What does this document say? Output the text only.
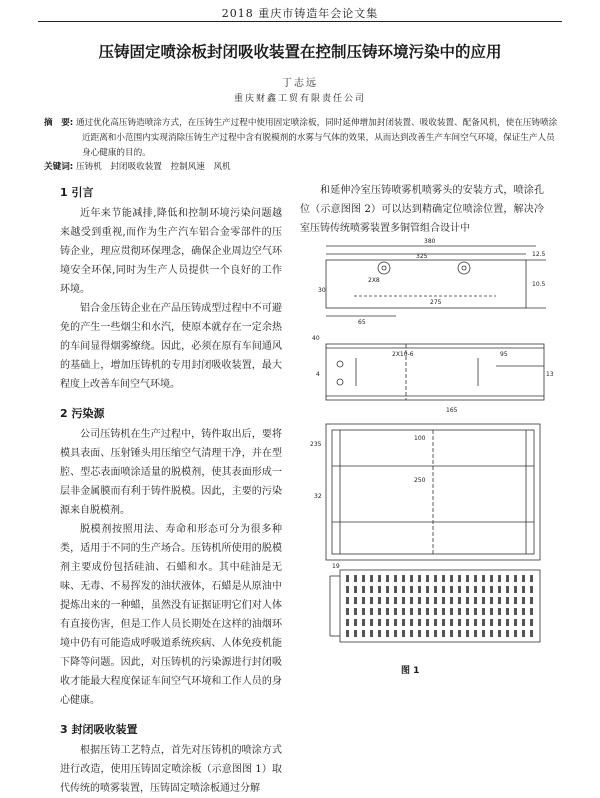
2018 重庆市铸造年会论文集
压铸固定喷涂板封闭吸收装置在控制压铸环境污染中的应用
丁志远
重庆财鑫工贸有限责任公司
摘　要: 通过优化高压铸造喷涂方式，在压铸生产过程中使用固定喷涂板，同时延伸增加封闭装置、吸收装置、配备风机，使在压铸喷涂近距离和小范围内实现消除压铸生产过程中含有脱模剂的水雾与气体的效果，从而达到改善生产车间空气环境，保证生产人员身心健康的目的。
关键词: 压铸机　封闭吸收装置　控制风速　风机
1 引言

近年来节能减排,降低和控制环境污染问题越来越受到重视,而作为生产汽车铝合金零部件的压铸企业，理应贯彻环保理念，确保企业周边空气环境安全环保,同时为生产人员提供一个良好的工作环境。

铝合金压铸企业在产品压铸成型过程中不可避免的产生一些烟尘和水汽，使原本就存在一定余热的车间显得烟雾缭绕。因此，必须在原有车间通风的基础上，增加压铸机的专用封闭吸收装置，最大程度上改善车间空气环境。

2 污染源

公司压铸机在生产过程中，铸件取出后，要将模具表面、压射锤头用压缩空气清理干净，并在型腔、型芯表面喷涂适量的脱模剂，使其表面形成一层非金属膜而有利于铸件脱模。因此，主要的污染源来自脱模剂。

脱模剂按照用法、寿命和形态可分为很多种类，适用于不同的生产场合。压铸机所使用的脱模剂主要成份包括硅油、石蜡和水。其中硅油是无味、无毒、不易挥发的油状液体，石蜡是从原油中提炼出来的一种蜡，虽然没有证据证明它们对人体有直接伤害，但是工作人员长期处在这样的油烟环境中仍有可能造成呼吸道系统疾病、人体免疫机能下降等问题。因此，对压铸机的污染源进行封闭吸收才能最大程度保证车间空气环境和工作人员的身心健康。

3 封闭吸收装置

根据压铸工艺特点，首先对压铸机的喷涂方式进行改造，使用压铸固定喷涂板（示意图图 1）取代传统的喷雾装置，压铸固定喷涂板通过分解

和延伸冷室压铸喷雾机喷雾头的安装方式，喷涂孔位（示意图图 2）可以达到精确定位喷涂位置，解决冷室压铸传统喷雾装置多铜管组合设计中

380
325	12.5
2X8
10.5
275
30
65
40
2X10-6	95
4	13
165
235
100
32
250
19
图 1
